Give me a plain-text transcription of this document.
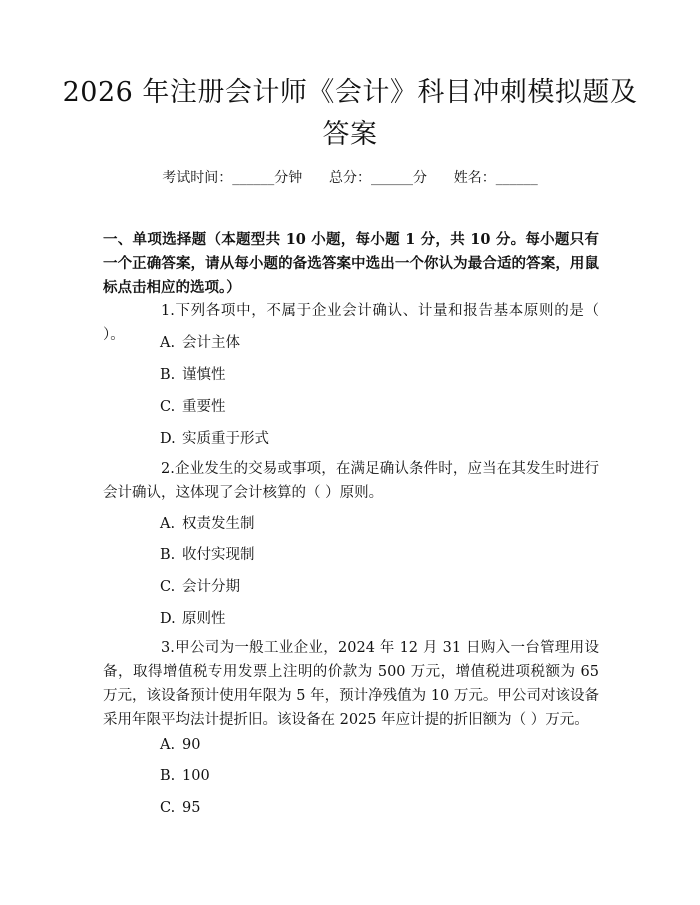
2026 年注册会计师《会计》科目冲刺模拟题及答案
考试时间：______分钟 总分：______分 姓名：______
一、单项选择题（本题型共 10 小题，每小题 1 分，共 10 分。每小题只有一个正确答案，请从每小题的备选答案中选出一个你认为最合适的答案，用鼠标点击相应的选项。）
1.下列各项中，不属于企业会计确认、计量和报告基本原则的是（ ）。	A. 会计主体
B. 谨慎性
C. 重要性
D. 实质重于形式
2.企业发生的交易或事项，在满足确认条件时，应当在其发生时进行会计确认，这体现了会计核算的（ ）原则。
A. 权责发生制
B. 收付实现制
C. 会计分期
D. 原则性
3.甲公司为一般工业企业，2024 年 12 月 31 日购入一台管理用设备，取得增值税专用发票上注明的价款为 500 万元，增值税进项税额为 65 万元，该设备预计使用年限为 5 年，预计净残值为 10 万元。甲公司对该设备采用年限平均法计提折旧。该设备在 2025 年应计提的折旧额为（ ）万元。
A. 90
B. 100
C. 95
